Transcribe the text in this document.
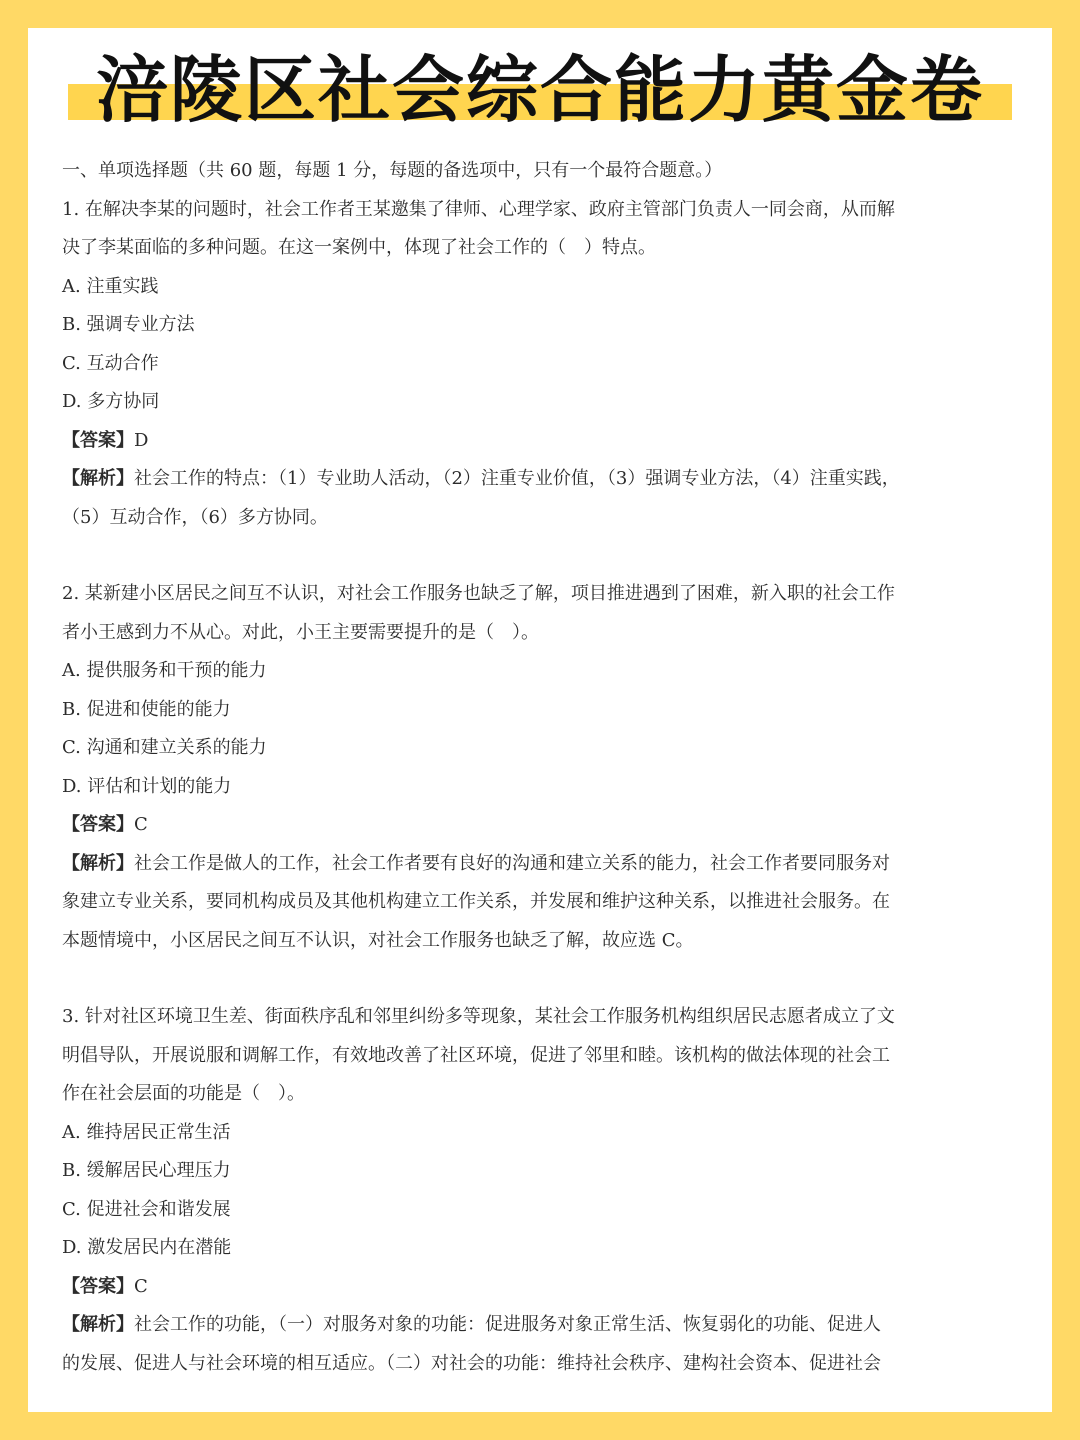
涪陵区社会综合能力黄金卷
一、单项选择题（共 60 题，每题 1 分，每题的备选项中，只有一个最符合题意。）
1. 在解决李某的问题时，社会工作者王某邀集了律师、心理学家、政府主管部门负责人一同会商，从而解
决了李某面临的多种问题。在这一案例中，体现了社会工作的（　）特点。
A. 注重实践
B. 强调专业方法
C. 互动合作
D. 多方协同
【答案】D
【解析】社会工作的特点：（1）专业助人活动，（2）注重专业价值，（3）强调专业方法，（4）注重实践，
（5）互动合作，（6）多方协同。
2. 某新建小区居民之间互不认识，对社会工作服务也缺乏了解，项目推进遇到了困难，新入职的社会工作
者小王感到力不从心。对此，小王主要需要提升的是（　）。
A. 提供服务和干预的能力
B. 促进和使能的能力
C. 沟通和建立关系的能力
D. 评估和计划的能力
【答案】C
【解析】社会工作是做人的工作，社会工作者要有良好的沟通和建立关系的能力，社会工作者要同服务对
象建立专业关系，要同机构成员及其他机构建立工作关系，并发展和维护这种关系，以推进社会服务。在
本题情境中，小区居民之间互不认识，对社会工作服务也缺乏了解，故应选 C。
3. 针对社区环境卫生差、街面秩序乱和邻里纠纷多等现象，某社会工作服务机构组织居民志愿者成立了文
明倡导队，开展说服和调解工作，有效地改善了社区环境，促进了邻里和睦。该机构的做法体现的社会工
作在社会层面的功能是（　）。
A. 维持居民正常生活
B. 缓解居民心理压力
C. 促进社会和谐发展
D. 激发居民内在潜能
【答案】C
【解析】社会工作的功能，（一）对服务对象的功能：促进服务对象正常生活、恢复弱化的功能、促进人
的发展、促进人与社会环境的相互适应。（二）对社会的功能：维持社会秩序、建构社会资本、促进社会
